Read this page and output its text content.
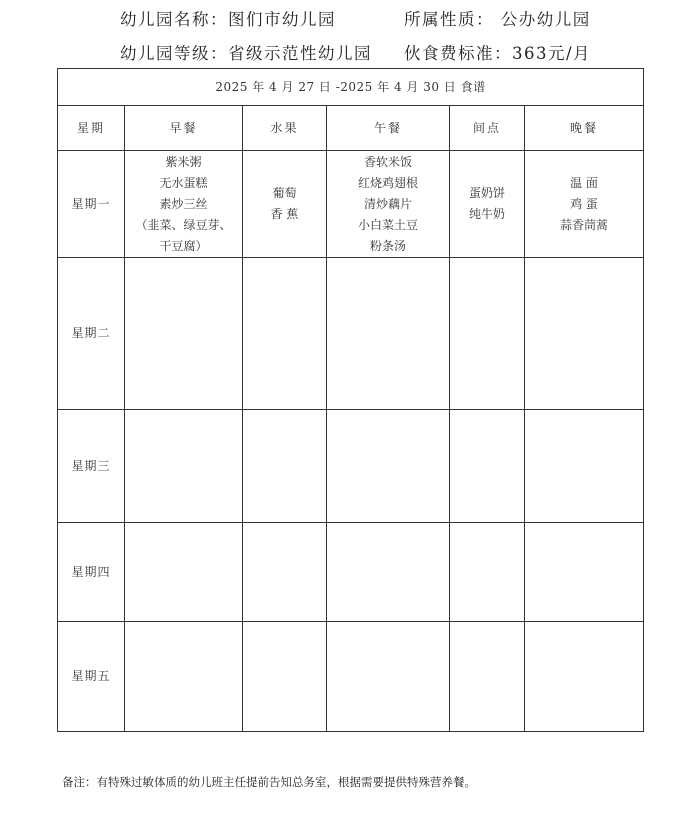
幼儿园名称：图们市幼儿园	所属性质： 公办幼儿园
幼儿园等级：省级示范性幼儿园 伙食费标准：363元/月
2025 年 4 月 27 日 -2025 年 4 月 30 日 食谱					
星期	早餐	水果	午餐	间点	晚餐
星期一	紫米粥
无水蛋糕
素炒三丝
（韭菜、绿豆芽、
干豆腐）	葡萄
香 蕉	香软米饭
红烧鸡翅根
清炒藕片
小白菜土豆
粉条汤	蛋奶饼
纯牛奶	温 面
鸡 蛋
蒜香茼蒿

星期二					
星期三					
星期四					
星期五					
备注：有特殊过敏体质的幼儿班主任提前告知总务室，根据需要提供特殊营养餐。
